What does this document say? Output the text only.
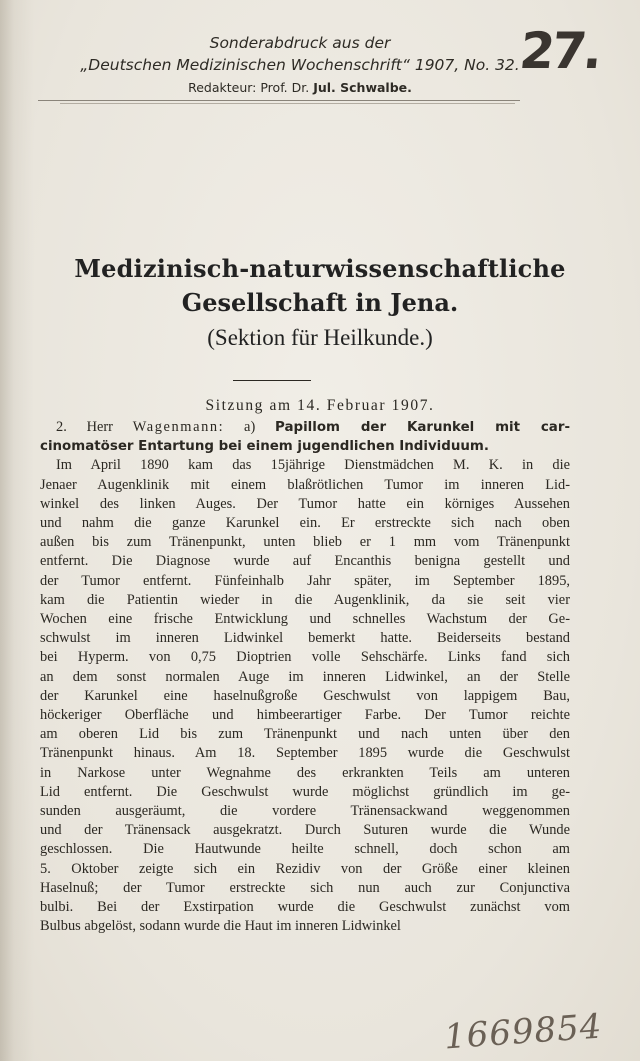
Sonderabdruck aus der
„Deutschen Medizinischen Wochenschrift“ 1907, No. 32.
Redakteur: Prof. Dr. Jul. Schwalbe.
27.
Medizinisch-naturwissenschaftliche
Gesellschaft in Jena.
(Sektion für Heilkunde.)
Sitzung am 14. Februar 1907.
2. Herr Wagenmann: a) Papillom der Karunkel mit car-
cinomatöser Entartung bei einem jugendlichen Individuum.
Im April 1890 kam das 15jährige Dienstmädchen M. K. in die
Jenaer Augenklinik mit einem blaßrötlichen Tumor im inneren Lid-
winkel des linken Auges. Der Tumor hatte ein körniges Aussehen
und nahm die ganze Karunkel ein. Er erstreckte sich nach oben
außen bis zum Tränenpunkt, unten blieb er 1 mm vom Tränenpunkt
entfernt. Die Diagnose wurde auf Encanthis benigna gestellt und
der Tumor entfernt. Fünfeinhalb Jahr später, im September 1895,
kam die Patientin wieder in die Augenklinik, da sie seit vier
Wochen eine frische Entwicklung und schnelles Wachstum der Ge-
schwulst im inneren Lidwinkel bemerkt hatte. Beiderseits bestand
bei Hyperm. von 0,75 Dioptrien volle Sehschärfe. Links fand sich
an dem sonst normalen Auge im inneren Lidwinkel, an der Stelle
der Karunkel eine haselnußgroße Geschwulst von lappigem Bau,
höckeriger Oberfläche und himbeerartiger Farbe. Der Tumor reichte
am oberen Lid bis zum Tränenpunkt und nach unten über den
Tränenpunkt hinaus. Am 18. September 1895 wurde die Geschwulst
in Narkose unter Wegnahme des erkrankten Teils am unteren
Lid entfernt. Die Geschwulst wurde möglichst gründlich im ge-
sunden ausgeräumt, die vordere Tränensackwand weggenommen
und der Tränensack ausgekratzt. Durch Suturen wurde die Wunde
geschlossen. Die Hautwunde heilte schnell, doch schon am
5. Oktober zeigte sich ein Rezidiv von der Größe einer kleinen
Haselnuß; der Tumor erstreckte sich nun auch zur Conjunctiva
bulbi. Bei der Exstirpation wurde die Geschwulst zunächst vom
Bulbus abgelöst, sodann wurde die Haut im inneren Lidwinkel
1669854
